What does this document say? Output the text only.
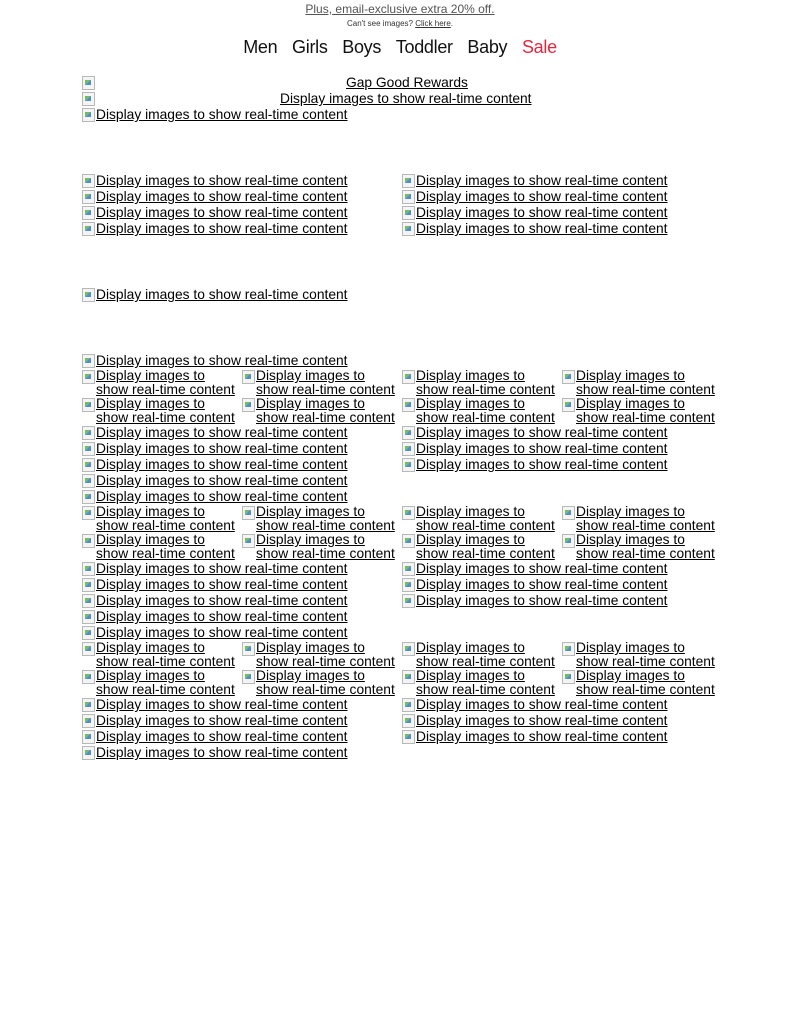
Plus, email-exclusive extra 20% off.
Can't see images? Click here.
Men Girls Boys Toddler Baby Sale
Gap Good Rewards
Display images to show real-time content
Display images to show real-time content
Display images to show real-time content	Display images to show real-time content
Display images to show real-time content	Display images to show real-time content
Display images to show real-time content	Display images to show real-time content
Display images to show real-time content	Display images to show real-time content
Display images to show real-time content
Display images to show real-time content
Display images to show real-time content	Display images to show real-time content
Display images to show real-time content	Display images to show real-time content
Display images to show real-time content	Display images to show real-time content
Display images to show real-time content
Display images to show real-time content
Display images to show real-time content	Display images to show real-time content
Display images to show real-time content	Display images to show real-time content
Display images to show real-time content	Display images to show real-time content
Display images to show real-time content
Display images to show real-time content
Display images to show real-time content	Display images to show real-time content
Display images to show real-time content	Display images to show real-time content
Display images to show real-time content	Display images to show real-time content
Display images to show real-time content
Display images to show real-time content
Display images to show real-time content
Display images to show real-time content
Display images to show real-time content
Display images to show real-time content
Display images to show real-time content
Display images to show real-time content
Display images to show real-time content
Display images to show real-time content
Display images to show real-time content
Display images to show real-time content
Display images to show real-time content
Display images to show real-time content
Display images to show real-time content
Display images to show real-time content
Display images to show real-time content
Display images to show real-time content
Display images to show real-time content
Display images to show real-time content
Display images to show real-time content
Display images to show real-time content
Display images to show real-time content
Display images to show real-time content
Display images to show real-time content
